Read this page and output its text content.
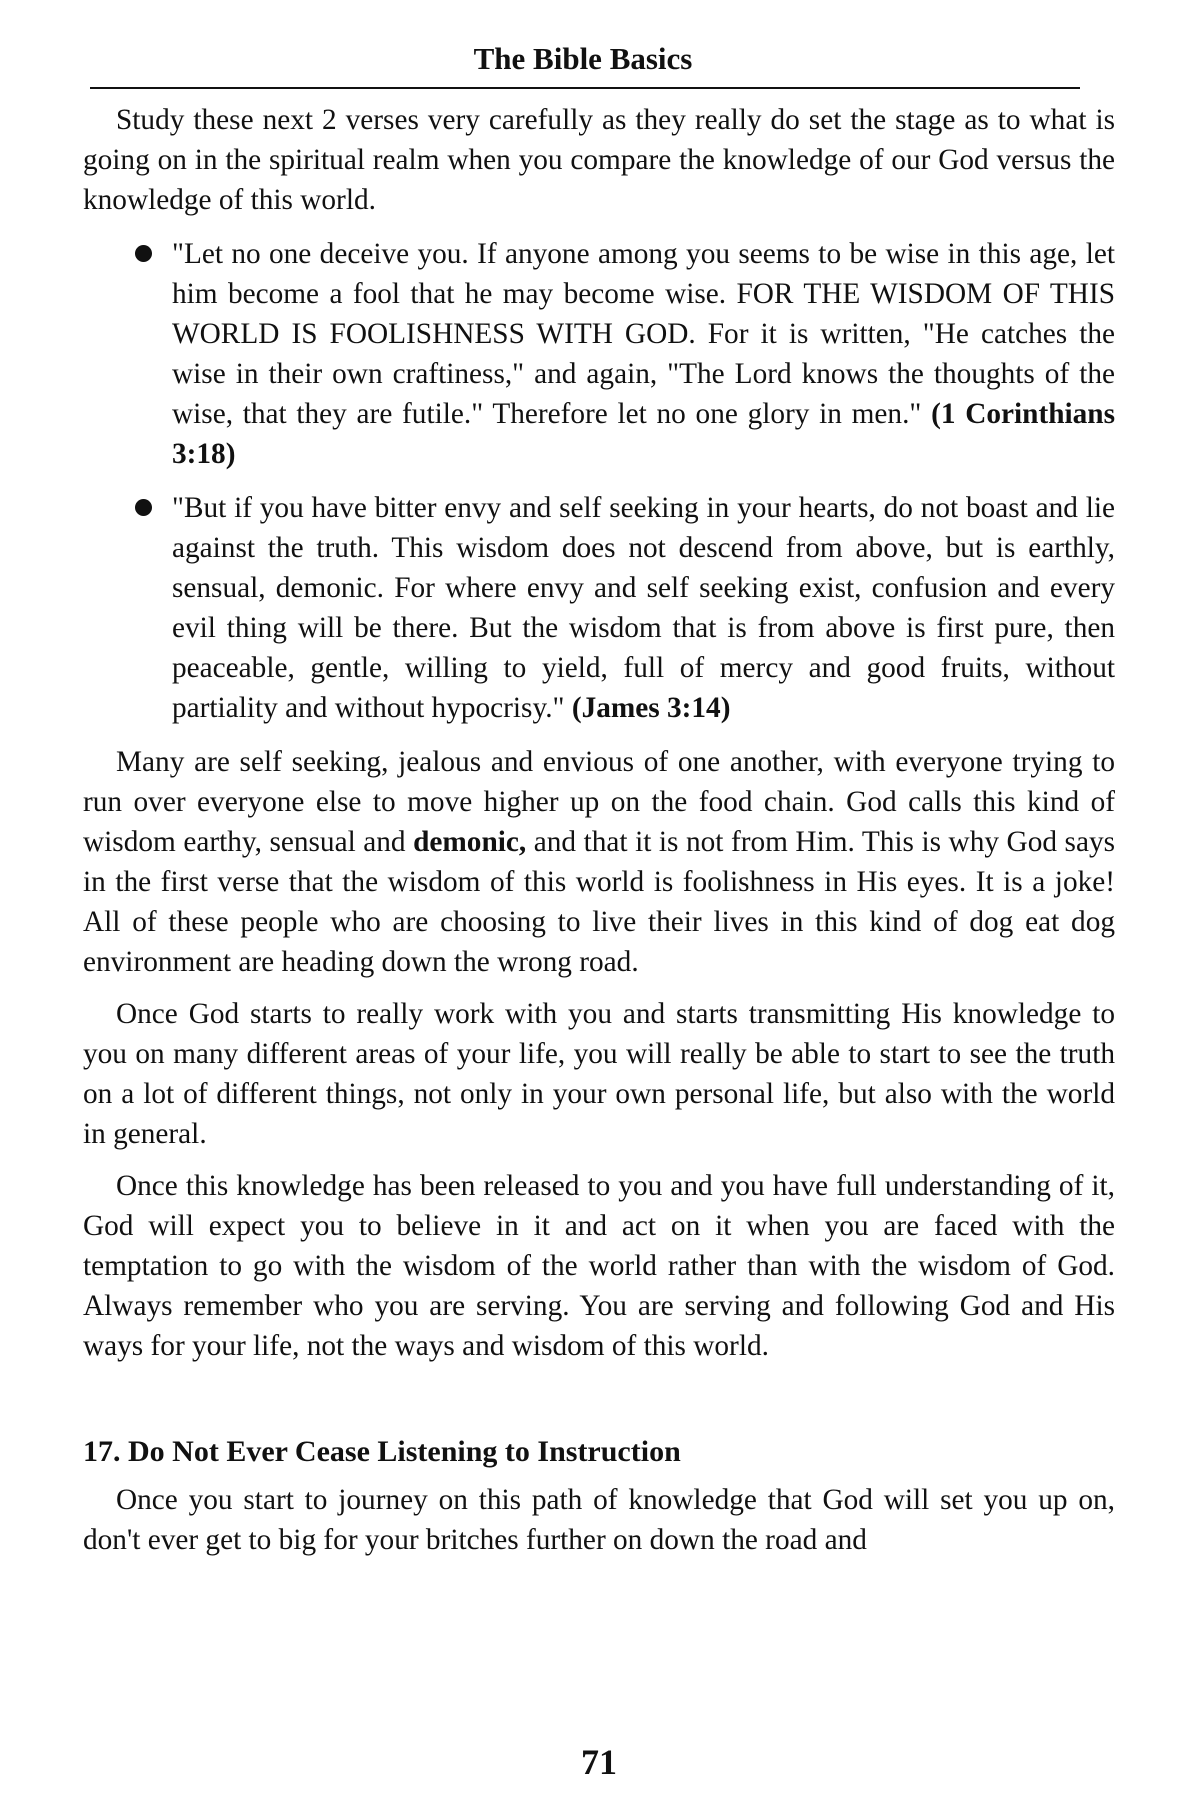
The Bible Basics

Study these next 2 verses very carefully as they really do set the stage as to what is going on in the spiritual realm when you compare the knowledge of our God versus the knowledge of this world.

"Let no one deceive you. If anyone among you seems to be wise in this age, let him become a fool that he may become wise. FOR THE WISDOM OF THIS WORLD IS FOOLISHNESS WITH GOD. For it is written, "He catches the wise in their own craftiness," and again, "The Lord knows the thoughts of the wise, that they are futile." Therefore let no one glory in men." (1 Corinthians 3:18)
"But if you have bitter envy and self seeking in your hearts, do not boast and lie against the truth. This wisdom does not descend from above, but is earthly, sensual, demonic. For where envy and self seeking exist, confusion and every evil thing will be there. But the wisdom that is from above is first pure, then peaceable, gentle, willing to yield, full of mercy and good fruits, without partiality and without hypocrisy." (James 3:14)

Many are self seeking, jealous and envious of one another, with everyone trying to run over everyone else to move higher up on the food chain. God calls this kind of wisdom earthy, sensual and demonic, and that it is not from Him. This is why God says in the first verse that the wisdom of this world is foolishness in His eyes. It is a joke! All of these people who are choosing to live their lives in this kind of dog eat dog environment are heading down the wrong road.

Once God starts to really work with you and starts transmitting His knowledge to you on many different areas of your life, you will really be able to start to see the truth on a lot of different things, not only in your own personal life, but also with the world in general.

Once this knowledge has been released to you and you have full understanding of it, God will expect you to believe in it and act on it when you are faced with the temptation to go with the wisdom of the world rather than with the wisdom of God. Always remember who you are serving. You are serving and following God and His ways for your life, not the ways and wisdom of this world.

17. Do Not Ever Cease Listening to Instruction

Once you start to journey on this path of knowledge that God will set you up on, don't ever get to big for your britches further on down the road and

71
